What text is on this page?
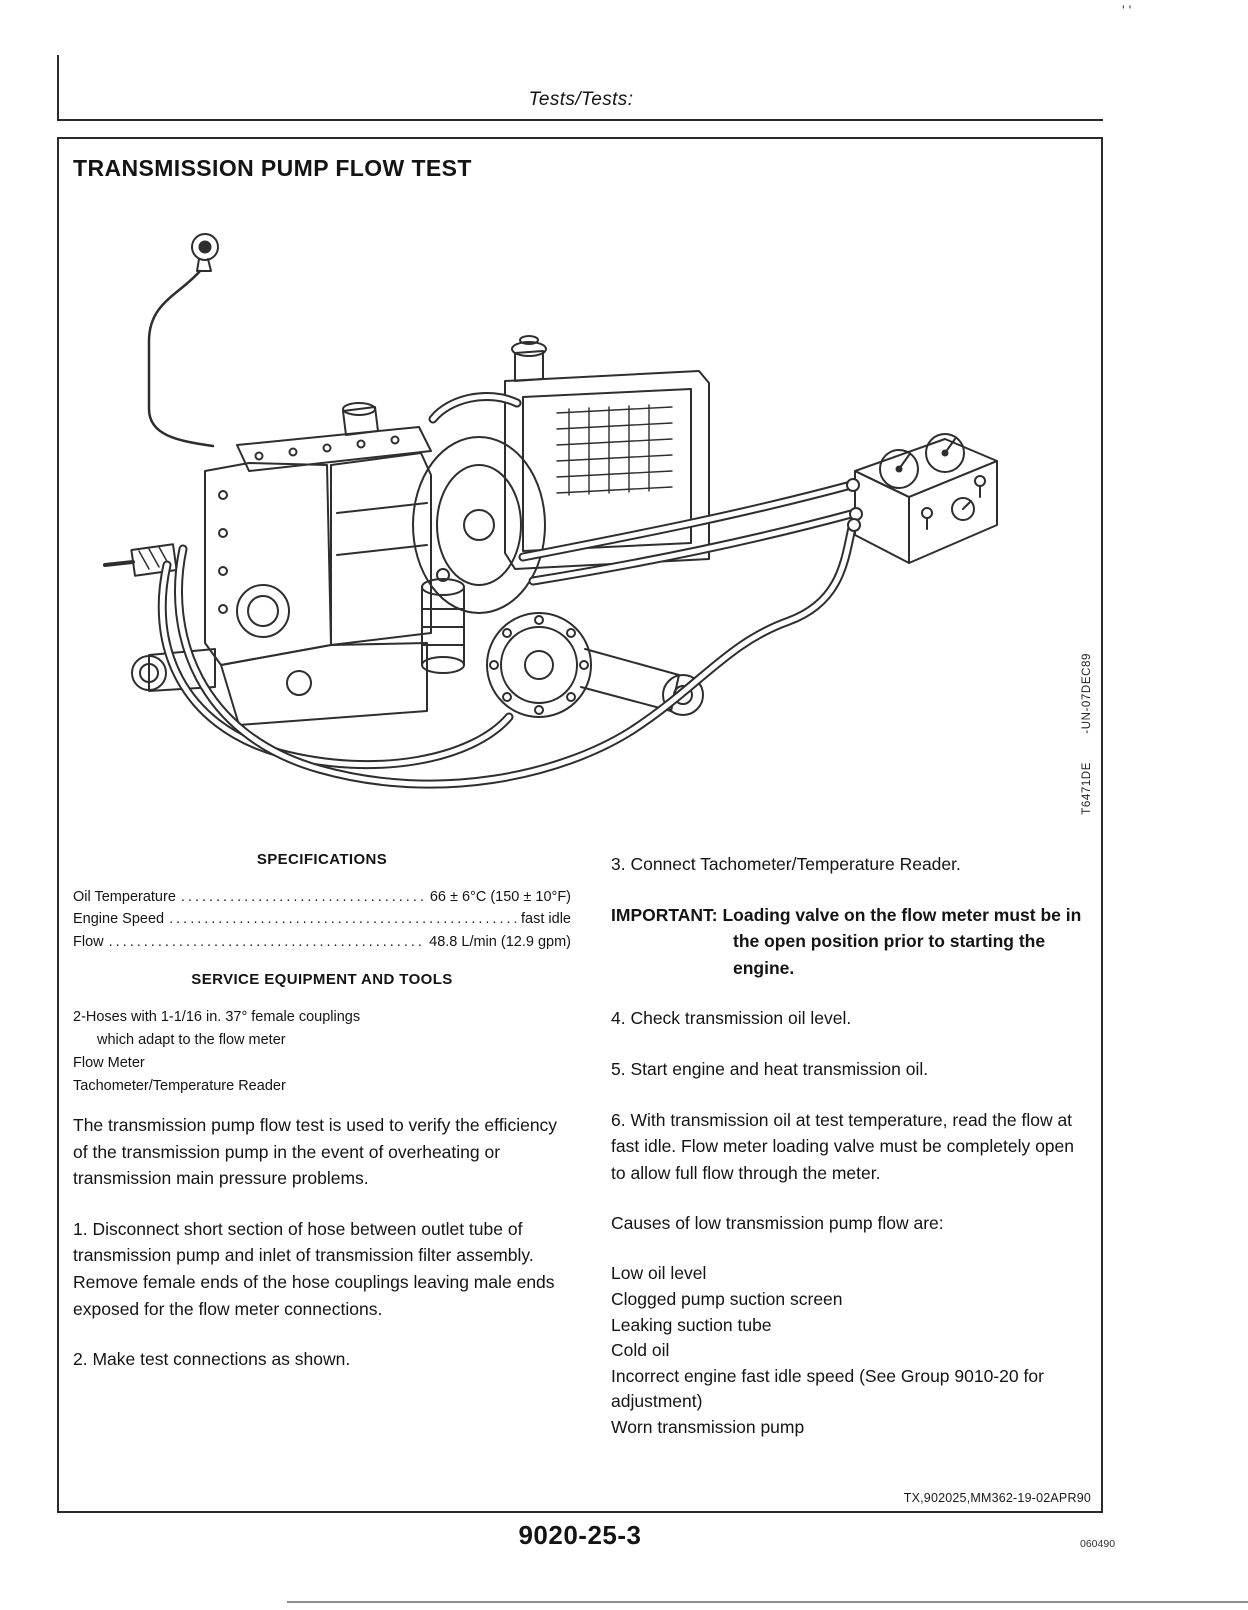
''
Tests/Tests:
TRANSMISSION PUMP FLOW TEST
-UN-07DEC89
T6471DE
SPECIFICATIONS
Oil Temperature .....	66 ± 6°C (150 ± 10°F)
Engine Speed .....	fast idle
Flow .....	48.8 L/min (12.9 gpm)
SERVICE EQUIPMENT AND TOOLS
2-Hoses with 1-1/16 in. 37° female couplings
which adapt to the flow meter
Flow Meter
Tachometer/Temperature Reader

The transmission pump flow test is used to verify the efficiency of the transmission pump in the event of overheating or transmission main pressure problems.

1. Disconnect short section of hose between outlet tube of transmission pump and inlet of transmission filter assembly. Remove female ends of the hose couplings leaving male ends exposed for the flow meter connections.

2. Make test connections as shown.

3. Connect Tachometer/Temperature Reader.

IMPORTANT: Loading valve on the flow meter must be in the open position prior to starting the engine.

4. Check transmission oil level.

5. Start engine and heat transmission oil.

6. With transmission oil at test temperature, read the flow at fast idle. Flow meter loading valve must be completely open to allow full flow through the meter.

Causes of low transmission pump flow are:

Low oil level
Clogged pump suction screen
Leaking suction tube
Cold oil
Incorrect engine fast idle speed (See Group 9010-20 for adjustment)
Worn transmission pump
TX,902025,MM362-19-02APR90
9020-25-3	060490
